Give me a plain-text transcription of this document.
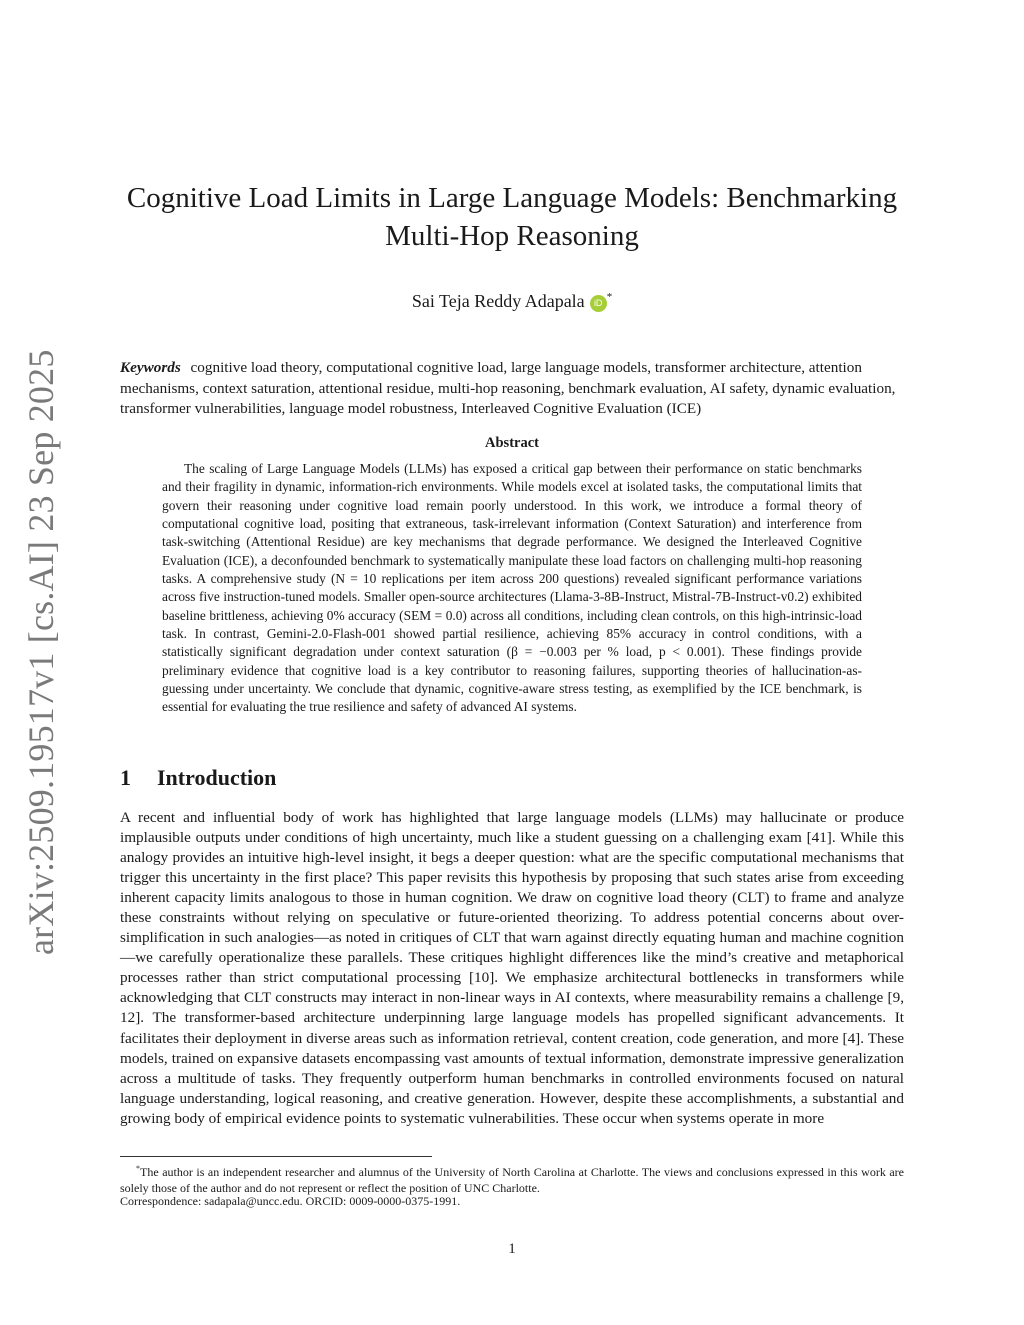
arXiv:2509.19517v1 [cs.AI] 23 Sep 2025
Cognitive Load Limits in Large Language Models: Benchmarking Multi-Hop Reasoning
Sai Teja Reddy Adapala iD *

Keywords cognitive load theory, computational cognitive load, large language models, transformer architecture, attention mechanisms, context saturation, attentional residue, multi-hop reasoning, benchmark evaluation, AI safety, dynamic evaluation, transformer vulnerabilities, language model robustness, Interleaved Cognitive Evaluation (ICE)

Abstract

The scaling of Large Language Models (LLMs) has exposed a critical gap between their performance on static benchmarks and their fragility in dynamic, information-rich environments. While models excel at isolated tasks, the computational limits that govern their reasoning under cognitive load remain poorly understood. In this work, we introduce a formal theory of computational cognitive load, positing that extraneous, task-irrelevant information (Context Saturation) and interference from task-switching (Attentional Residue) are key mechanisms that degrade performance. We designed the Interleaved Cognitive Evaluation (ICE), a deconfounded benchmark to systematically manipulate these load factors on challenging multi-hop reasoning tasks. A comprehensive study (N = 10 replications per item across 200 questions) revealed significant performance variations across five instruction-tuned models. Smaller open-source architectures (Llama-3-8B-Instruct, Mistral-7B-Instruct-v0.2) exhibited baseline brittleness, achieving 0% accuracy (SEM = 0.0) across all conditions, including clean controls, on this high-intrinsic-load task. In contrast, Gemini-2.0-Flash-001 showed partial resilience, achieving 85% accuracy in control conditions, with a statistically significant degradation under context saturation (β = −0.003 per % load, p < 0.001). These findings provide preliminary evidence that cognitive load is a key contributor to reasoning failures, supporting theories of hallucination-as-guessing under uncertainty. We conclude that dynamic, cognitive-aware stress testing, as exemplified by the ICE benchmark, is essential for evaluating the true resilience and safety of advanced AI systems.

1 Introduction

A recent and influential body of work has highlighted that large language models (LLMs) may hallucinate or produce implausible outputs under conditions of high uncertainty, much like a student guessing on a challenging exam [41]. While this analogy provides an intuitive high-level insight, it begs a deeper question: what are the specific computational mechanisms that trigger this uncertainty in the first place? This paper revisits this hypothesis by proposing that such states arise from exceeding inherent capacity limits analogous to those in human cognition. We draw on cognitive load theory (CLT) to frame and analyze these constraints without relying on speculative or future-oriented theorizing. To address potential concerns about over-simplification in such analogies—as noted in critiques of CLT that warn against directly equating human and machine cognition—we carefully operationalize these parallels. These critiques highlight differences like the mind’s creative and metaphorical processes rather than strict computational processing [10]. We emphasize architectural bottlenecks in transformers while acknowledging that CLT constructs may interact in non-linear ways in AI contexts, where measurability remains a challenge [9, 12]. The transformer-based architecture underpinning large language models has propelled significant advancements. It facilitates their deployment in diverse areas such as information retrieval, content creation, code generation, and more [4]. These models, trained on expansive datasets encompassing vast amounts of textual information, demonstrate impressive generalization across a multitude of tasks. They frequently outperform human benchmarks in controlled environments focused on natural language understanding, logical reasoning, and creative generation. However, despite these accomplishments, a substantial and growing body of empirical evidence points to systematic vulnerabilities. These occur when systems operate in more

*The author is an independent researcher and alumnus of the University of North Carolina at Charlotte. The views and conclusions expressed in this work are solely those of the author and do not represent or reflect the position of UNC Charlotte.

Correspondence: sadapala@uncc.edu. ORCID: 0009-0000-0375-1991.

1
